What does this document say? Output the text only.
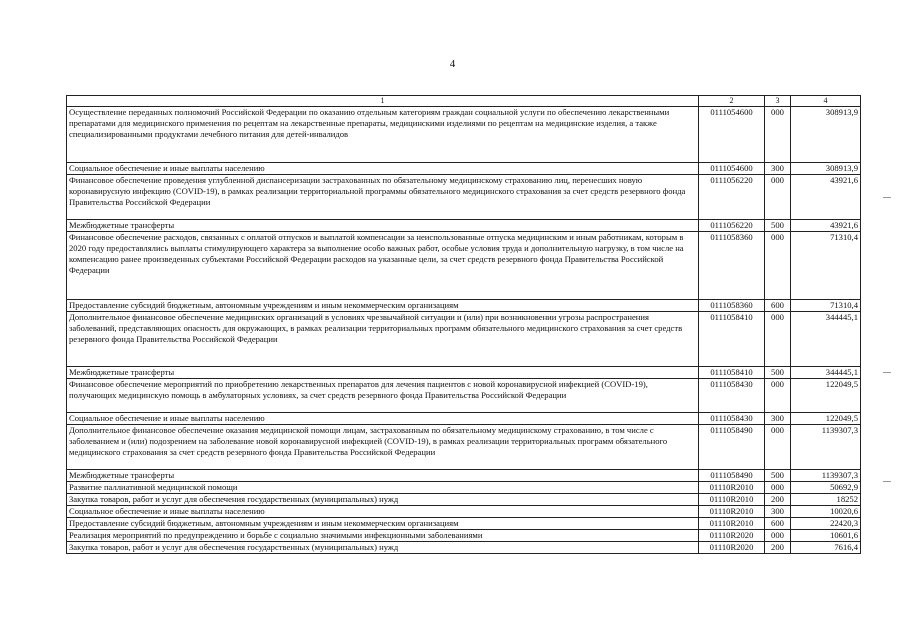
4
1	2	3	4
Осуществление переданных полномочий Российской Федерации по оказанию отдельным категориям граждан социальной услуги по обеспечению лекарственными препаратами для медицинского применения по рецептам на лекарственные препараты, медицинскими изделиями по рецептам на медицинские изделия, а также специализированными продуктами лечебного питания для детей-инвалидов	0111054600	000	308913,9
Социальное обеспечение и иные выплаты населению	0111054600	300	308913,9
Финансовое обеспечение проведения углубленной диспансеризации застрахованных по обязательному медицинскому страхованию лиц, перенесших новую коронавирусную инфекцию (COVID-19), в рамках реализации территориальной программы обязательного медицинского страхования за счет средств резервного фонда Правительства Российской Федерации	0111056220	000	43921,6
Межбюджетные трансферты	0111056220	500	43921,6
Финансовое обеспечение расходов, связанных с оплатой отпусков и выплатой компенсации за неиспользованные отпуска медицинским и иным работникам, которым в 2020 году предоставлялись выплаты стимулирующего характера за выполнение особо важных работ, особые условия труда и дополнительную нагрузку, в том числе на компенсацию ранее произведенных субъектами Российской Федерации расходов на указанные цели, за счет средств резервного фонда Правительства Российской Федерации	0111058360	000	71310,4
Предоставление субсидий бюджетным, автономным учреждениям и иным некоммерческим организациям	0111058360	600	71310,4
Дополнительное финансовое обеспечение медицинских организаций в условиях чрезвычайной ситуации и (или) при возникновении угрозы распространения заболеваний, представляющих опасность для окружающих, в рамках реализации территориальных программ обязательного медицинского страхования за счет средств резервного фонда Правительства Российской Федерации	0111058410	000	344445,1
Межбюджетные трансферты	0111058410	500	344445,1
Финансовое обеспечение мероприятий по приобретению лекарственных препаратов для лечения пациентов с новой коронавирусной инфекцией (COVID-19), получающих медицинскую помощь в амбулаторных условиях, за счет средств резервного фонда Правительства Российской Федерации	0111058430	000	122049,5
Социальное обеспечение и иные выплаты населению	0111058430	300	122049,5
Дополнительное финансовое обеспечение оказания медицинской помощи лицам, застрахованным по обязательному медицинскому страхованию, в том числе с заболеванием и (или) подозрением на заболевание новой коронавирусной инфекцией (COVID-19), в рамках реализации территориальных программ обязательного медицинского страхования за счет средств резервного фонда Правительства Российской Федерации	0111058490	000	1139307,3
Межбюджетные трансферты	0111058490	500	1139307,3
Развитие паллиативной медицинской помощи	01110R2010	000	50692,9
Закупка товаров, работ и услуг для обеспечения государственных (муниципальных) нужд	01110R2010	200	18252
Социальное обеспечение и иные выплаты населению	01110R2010	300	10020,6
Предоставление субсидий бюджетным, автономным учреждениям и иным некоммерческим организациям	01110R2010	600	22420,3
Реализация мероприятий по предупреждению и борьбе с социально значимыми инфекционными заболеваниями	01110R2020	000	10601,6
Закупка товаров, работ и услуг для обеспечения государственных (муниципальных) нужд	01110R2020	200	7616,4
